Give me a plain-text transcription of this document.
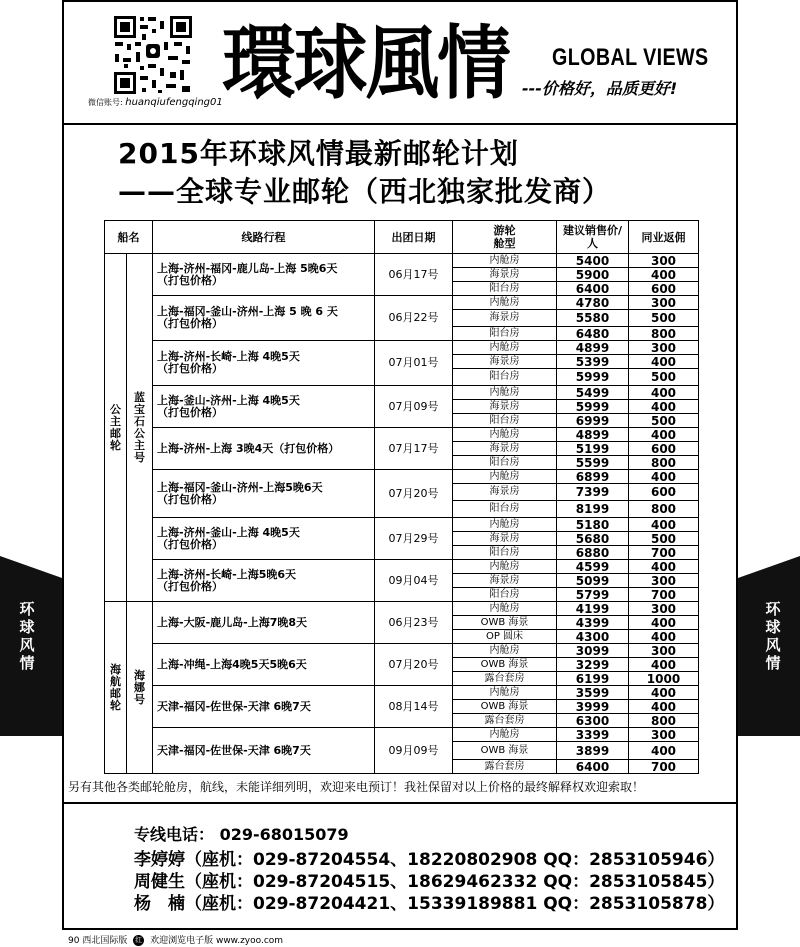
微信账号: huanqiufengqing01 環球風情 GLOBAL VIEWS
---价格好，品质更好!
2015年环球风情最新邮轮计划
——全球专业邮轮（西北独家批发商）
环球风情
环球风情
船名		线路行程	出团日期	游轮舱型	建议销售价/人	同业返佣

公主邮轮	蓝宝石公主号	上海-济州-福冈-鹿儿岛-上海 5晚6天
（打包价格）	06月17号	内舱房	5400	300
				海景房	5900	400
				阳台房	6400	600

		上海-福冈-釜山-济州-上海 5 晚 6 天
（打包价格）	06月22号	内舱房	4780	300
				海景房	5580	500
				阳台房	6480	800

		上海-济州-长崎-上海 4晚5天
（打包价格）	07月01号	内舱房	4899	300
				海景房	5399	400
				阳台房	5999	500

		上海-釜山-济州-上海 4晚5天
（打包价格）	07月09号	内舱房	5499	400
				海景房	5999	400
				阳台房	6999	500

		上海-济州-上海 3晚4天（打包价格）	07月17号	内舱房	4899	400
				海景房	5199	600
				阳台房	5599	800

		上海-福冈-釜山-济州-上海5晚6天
（打包价格）	07月20号	内舱房	6899	400
				海景房	7399	600
				阳台房	8199	800

		上海-济州-釜山-上海 4晚5天
（打包价格）	07月29号	内舱房	5180	400
				海景房	5680	500
				阳台房	6880	700

		上海-济州-长崎-上海5晚6天
（打包价格）	09月04号	内舱房	4599	400
				海景房	5099	300
				阳台房	5799	700

海航邮轮	海娜号	上海-大阪-鹿儿岛-上海7晚8天	06月23号	内舱房	4199	300
				OWB 海景	4399	400
				OP 圆床	4300	400

		上海-冲绳-上海4晚5天5晚6天	07月20号	内舱房	3099	300
				OWB 海景	3299	400
				露台套房	6199	1000

		天津-福冈-佐世保-天津 6晚7天	08月14号	内舱房	3599	400
				OWB 海景	3999	400
				露台套房	6300	800

		天津-福冈-佐世保-天津 6晚7天	09月09号	内舱房	3399	300
				OWB 海景	3899	400
				露台套房	6400	700
另有其他各类邮轮舱房，航线，未能详细列明，欢迎来电预订！我社保留对以上价格的最终解释权欢迎索取！
专线电话： 029-68015079
李婷婷（座机：029-87204554、18220802908 QQ：2853105946）
周健生（座机：029-87204515、18629462332 QQ：2853105845）
杨　楠（座机：029-87204421、15339189881 QQ：2853105878）
90 西北国际版 红 欢迎浏览电子版 www.zyoo.com
